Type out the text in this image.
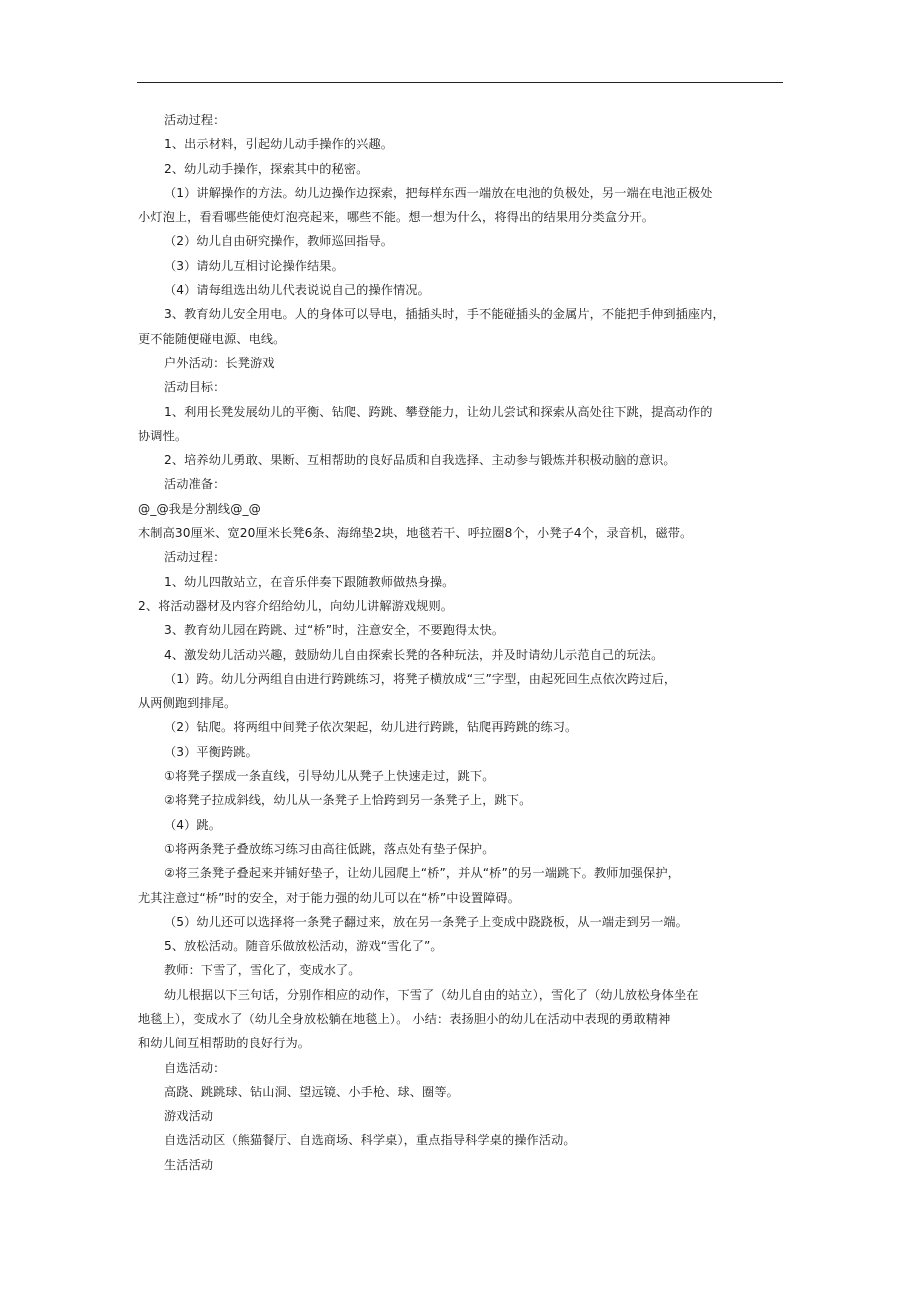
活动过程：
1、出示材料，引起幼儿动手操作的兴趣。
2、幼儿动手操作，探索其中的秘密。
（1）讲解操作的方法。幼儿边操作边探索，把每样东西一端放在电池的负极处，另一端在电池正极处
小灯泡上，看看哪些能使灯泡亮起来，哪些不能。想一想为什么，将得出的结果用分类盒分开。
（2）幼儿自由研究操作，教师巡回指导。
（3）请幼儿互相讨论操作结果。
（4）请每组选出幼儿代表说说自己的操作情况。
3、教育幼儿安全用电。人的身体可以导电，插插头时，手不能碰插头的金属片，不能把手伸到插座内，
更不能随便碰电源、电线。
户外活动：长凳游戏
活动目标：
1、利用长凳发展幼儿的平衡、钻爬、跨跳、攀登能力，让幼儿尝试和探索从高处往下跳，提高动作的
协调性。
2、培养幼儿勇敢、果断、互相帮助的良好品质和自我选择、主动参与锻炼并积极动脑的意识。
活动准备：
@_@我是分割线@_@
木制高30厘米、宽20厘米长凳6条、海绵垫2块，地毯若干、呼拉圈8个，小凳子4个，录音机，磁带。
活动过程：
1、幼儿四散站立，在音乐伴奏下跟随教师做热身操。
2、将活动器材及内容介绍给幼儿，向幼儿讲解游戏规则。
3、教育幼儿园在跨跳、过“桥”时，注意安全，不要跑得太快。
4、激发幼儿活动兴趣，鼓励幼儿自由探索长凳的各种玩法，并及时请幼儿示范自己的玩法。
（1）跨。幼儿分两组自由进行跨跳练习，将凳子横放成“三”字型，由起死回生点依次跨过后，
从两侧跑到排尾。
（2）钻爬。将两组中间凳子依次架起，幼儿进行跨跳，钻爬再跨跳的练习。
（3）平衡跨跳。
①将凳子摆成一条直线，引导幼儿从凳子上快速走过，跳下。
②将凳子拉成斜线，幼儿从一条凳子上恰跨到另一条凳子上，跳下。
（4）跳。
①将两条凳子叠放练习练习由高往低跳，落点处有垫子保护。
②将三条凳子叠起来并铺好垫子，让幼儿园爬上“桥”，并从“桥”的另一端跳下。教师加强保护，
尤其注意过“桥”时的安全，对于能力强的幼儿可以在“桥”中设置障碍。
（5）幼儿还可以选择将一条凳子翻过来，放在另一条凳子上变成中跷跷板，从一端走到另一端。
5、放松活动。随音乐做放松活动，游戏“雪化了”。
教师：下雪了，雪化了，变成水了。
幼儿根据以下三句话，分别作相应的动作，下雪了（幼儿自由的站立），雪化了（幼儿放松身体坐在
地毯上），变成水了（幼儿全身放松躺在地毯上）。 小结：表扬胆小的幼儿在活动中表现的勇敢精神
和幼儿间互相帮助的良好行为。
自选活动：
高跷、跳跳球、钻山洞、望远镜、小手枪、球、圈等。
游戏活动
自选活动区（熊猫餐厅、自选商场、科学桌），重点指导科学桌的操作活动。
生活活动
